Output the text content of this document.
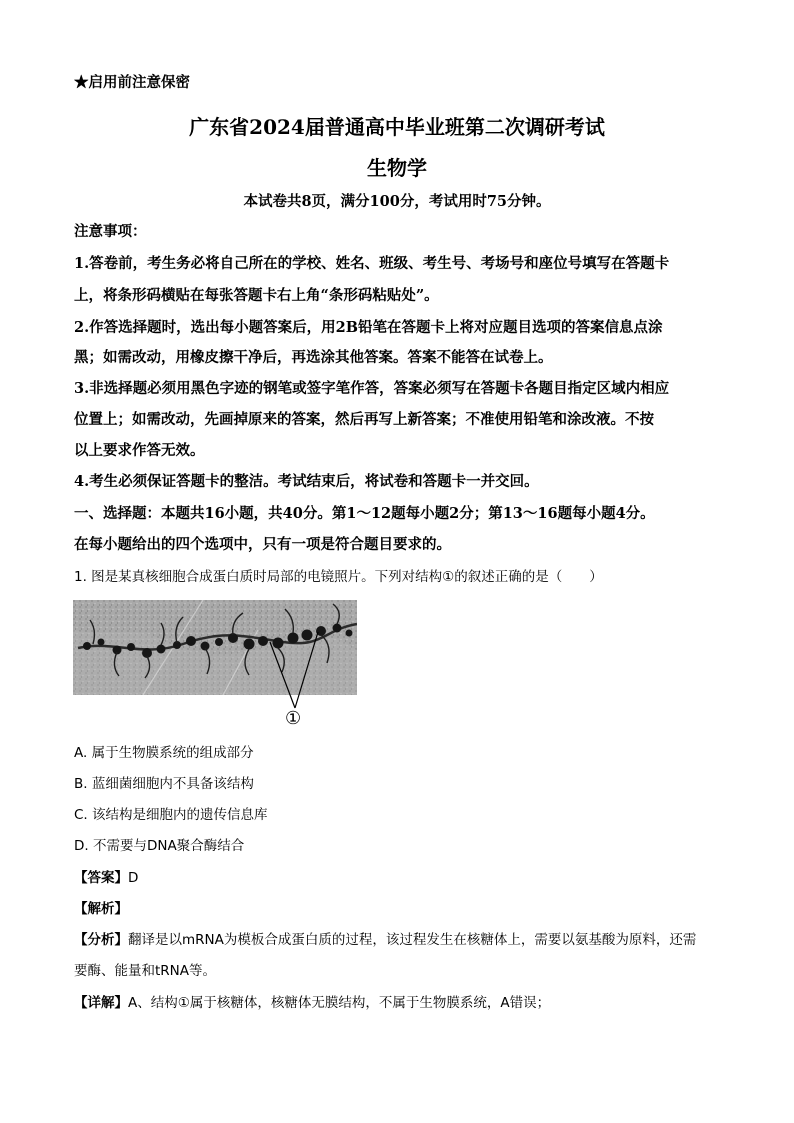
★启用前注意保密
广东省2024届普通高中毕业班第二次调研考试
生物学
本试卷共8页，满分100分，考试用时75分钟。
注意事项：
1.答卷前，考生务必将自己所在的学校、姓名、班级、考生号、考场号和座位号填写在答题卡
上，将条形码横贴在每张答题卡右上角“条形码粘贴处”。
2.作答选择题时，选出每小题答案后，用2B铅笔在答题卡上将对应题目选项的答案信息点涂
黑；如需改动，用橡皮擦干净后，再选涂其他答案。答案不能答在试卷上。
3.非选择题必须用黑色字迹的钢笔或签字笔作答，答案必须写在答题卡各题目指定区域内相应
位置上；如需改动，先画掉原来的答案，然后再写上新答案；不准使用铅笔和涂改液。不按
以上要求作答无效。
4.考生必须保证答题卡的整洁。考试结束后，将试卷和答题卡一并交回。
一、选择题：本题共16小题，共40分。第1～12题每小题2分；第13～16题每小题4分。
在每小题给出的四个选项中，只有一项是符合题目要求的。
1. 图是某真核细胞合成蛋白质时局部的电镜照片。下列对结构①的叙述正确的是（　　）
①
A. 属于生物膜系统的组成部分
B. 蓝细菌细胞内不具备该结构
C. 该结构是细胞内的遗传信息库
D. 不需要与DNA聚合酶结合
【答案】D
【解析】
【分析】翻译是以mRNA为模板合成蛋白质的过程，该过程发生在核糖体上，需要以氨基酸为原料，还需
要酶、能量和tRNA等。
【详解】A、结构①属于核糖体，核糖体无膜结构，不属于生物膜系统，A错误；
